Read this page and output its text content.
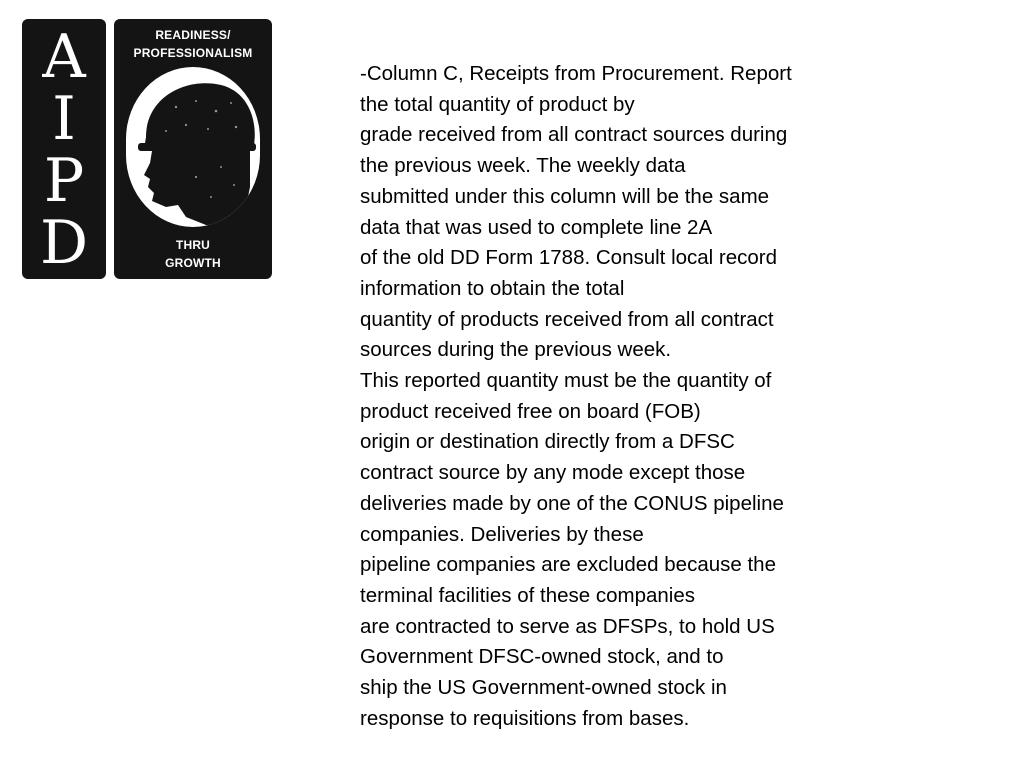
A
I
P
D
READINESS/
PROFESSIONALISM
THRU
GROWTH
-Column C, Receipts from Procurement. Report
the total quantity of product by
grade received from all contract sources during
the previous week. The weekly data
submitted under this column will be the same
data that was used to complete line 2A
of the old DD Form 1788. Consult local record
information to obtain the total
quantity of products received from all contract
sources during the previous week.
This reported quantity must be the quantity of
product received free on board (FOB)
origin or destination directly from a DFSC
contract source by any mode except those
deliveries made by one of the CONUS pipeline
companies. Deliveries by these
pipeline companies are excluded because the
terminal facilities of these companies
are contracted to serve as DFSPs, to hold US
Government DFSC-owned stock, and to
ship the US Government-owned stock in
response to requisitions from bases.
